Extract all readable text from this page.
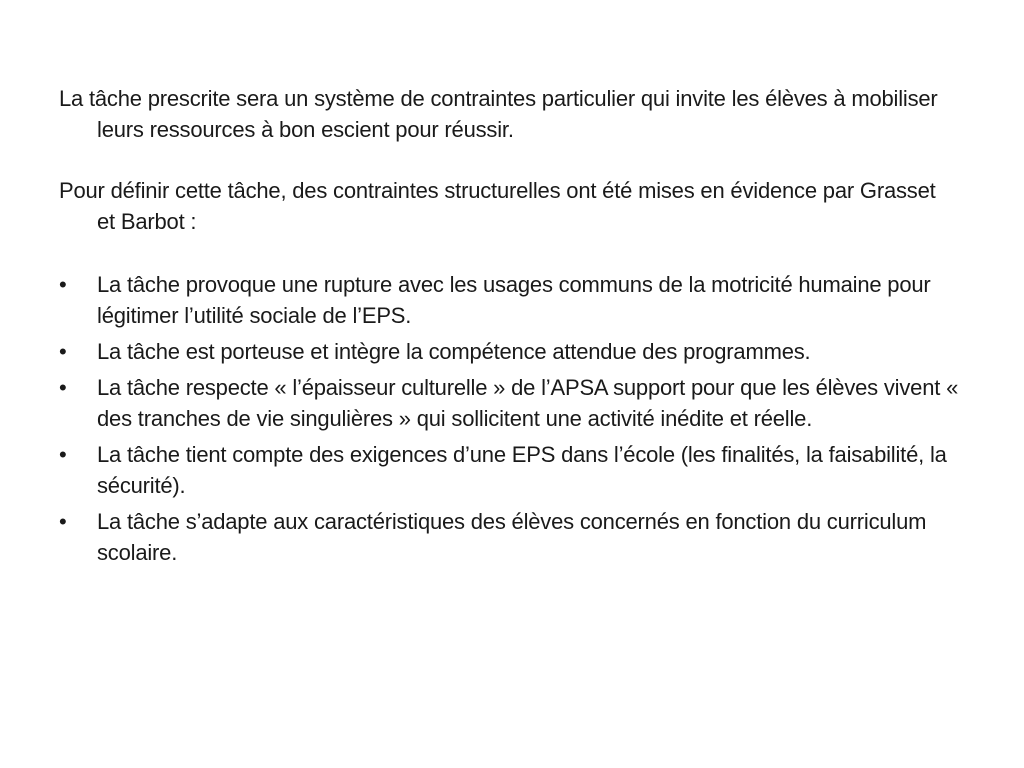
La tâche prescrite sera un système de contraintes particulier qui invite les élèves à mobiliser leurs ressources à bon escient pour réussir.

Pour définir cette tâche, des contraintes structurelles ont été mises en évidence par Grasset et Barbot :

•	La tâche provoque une rupture avec les usages communs de la motricité humaine pour légitimer l’utilité sociale de l’EPS.
•	La tâche est porteuse et intègre la compétence attendue des programmes.
•	La tâche respecte « l’épaisseur culturelle » de l’APSA support pour que les élèves vivent « des tranches de vie singulières » qui sollicitent une activité inédite et réelle.
•	La tâche tient compte des exigences d’une EPS dans l’école (les finalités, la faisabilité, la sécurité).
•	La tâche s’adapte aux caractéristiques des élèves concernés en fonction du curriculum scolaire.
